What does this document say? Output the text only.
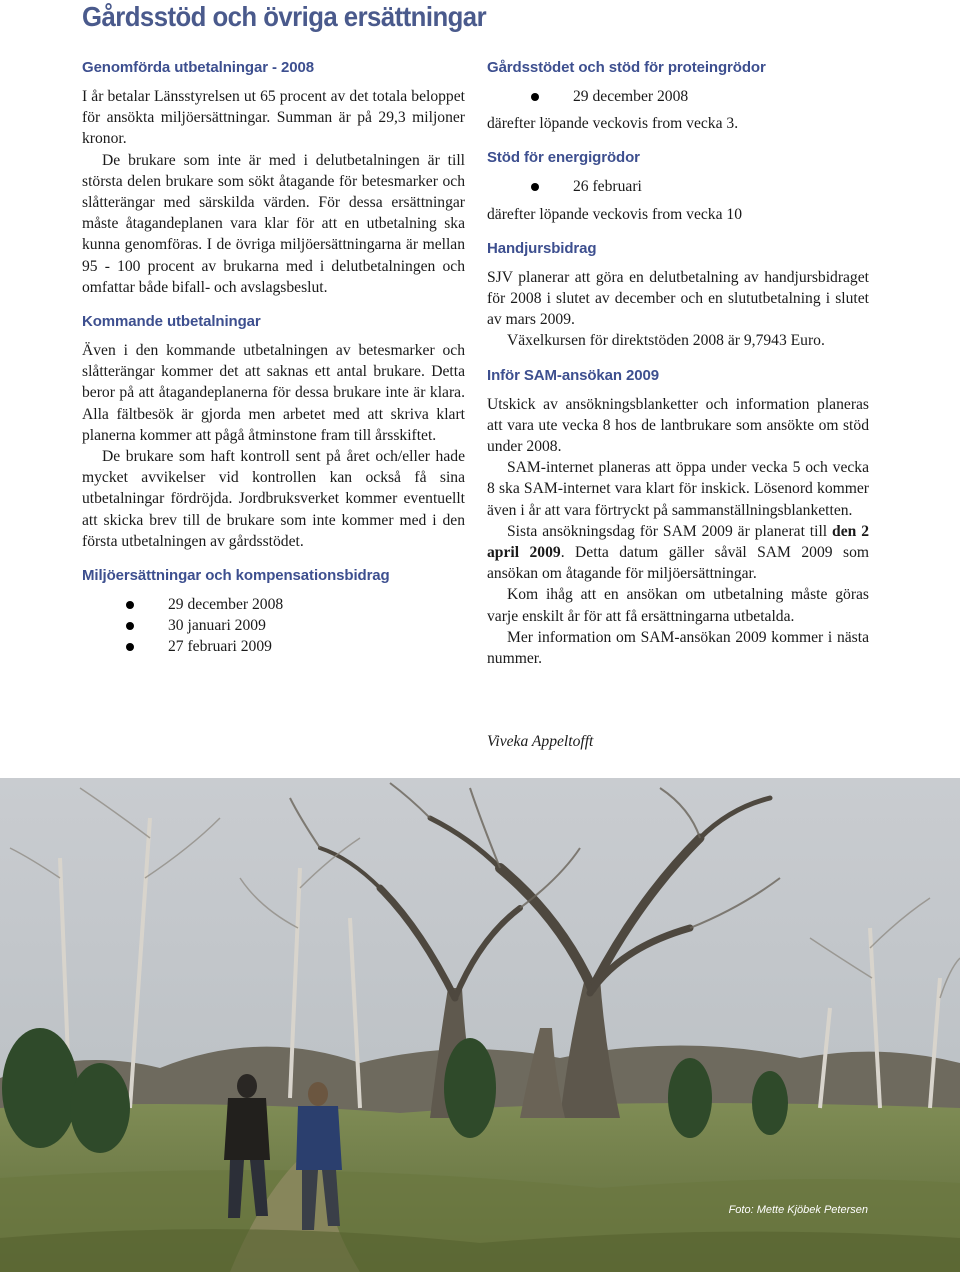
Gårdsstöd och övriga ersättningar
Genomförda utbetalningar - 2008

I år betalar Länsstyrelsen ut 65 procent av det totala beloppet för ansökta miljöersättningar. Summan är på 29,3 miljoner kronor.

De brukare som inte är med i delutbetalningen är till största delen brukare som sökt åtagande för betesmarker och slåtterängar med särskilda värden. För dessa ersättningar måste åtagandeplanen vara klar för att en utbetalning ska kunna genomföras. I de övriga miljöersättningarna är mellan 95 - 100 procent av brukarna med i delutbetalningen och omfattar både bifall- och avslagsbeslut.

Kommande utbetalningar

Även i den kommande utbetalningen av betesmarker och slåtterängar kommer det att saknas ett antal brukare. Detta beror på att åtagandeplanerna för dessa brukare inte är klara. Alla fältbesök är gjorda men arbetet med att skriva klart planerna kommer att pågå åtminstone fram till årsskiftet.

De brukare som haft kontroll sent på året och/eller hade mycket avvikelser vid kontrollen kan också få sina utbetalningar fördröjda. Jordbruksverket kommer eventuellt att skicka brev till de brukare som inte kommer med i den första utbetalningen av gårdsstödet.

Miljöersättningar och kompensationsbidrag
29 december 2008
30 januari 2009
27 februari 2009
Gårdsstödet och stöd för proteingrödor
29 december 2008

därefter löpande veckovis from vecka 3.

Stöd för energigrödor
26 februari

därefter löpande veckovis from vecka 10

Handjursbidrag

SJV planerar att göra en delutbetalning av handjursbidraget för 2008 i slutet av december och en slututbetalning i slutet av mars 2009.

Växelkursen för direktstöden 2008 är 9,7943 Euro.

Inför SAM-ansökan 2009

Utskick av ansökningsblanketter och information planeras att vara ute vecka 8 hos de lantbrukare som ansökte om stöd under 2008.

SAM-internet planeras att öppa under vecka 5 och vecka 8 ska SAM-internet vara klart för inskick. Lösenord kommer även i år att vara förtryckt på sammanställningsblanketten.

Sista ansökningsdag för SAM 2009 är planerat till den 2 april 2009. Detta datum gäller såväl SAM 2009 som ansökan om åtagande för miljöersättningar.

Kom ihåg att en ansökan om utbetalning måste göras varje enskilt år för att få ersättningarna utbetalda.

Mer information om SAM-ansökan 2009 kommer i nästa nummer.

Viveka Appeltofft
Foto: Mette Kjöbek Petersen
